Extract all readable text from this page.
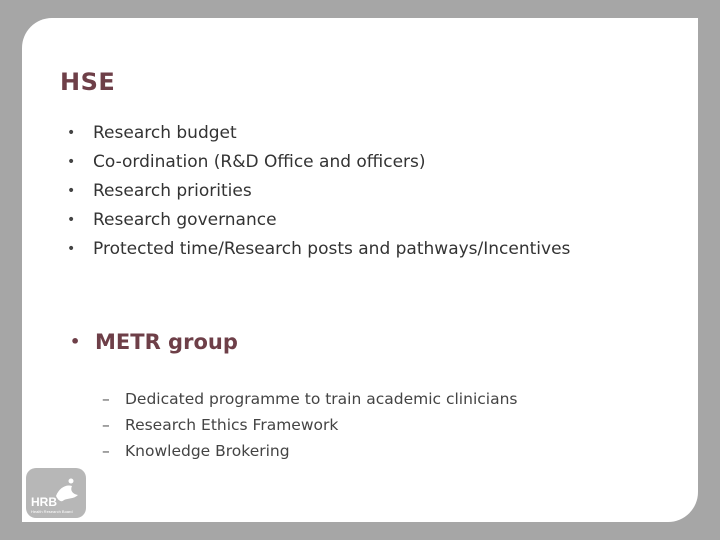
HSE
• Research budget
• Co-ordination (R&D Office and officers)
• Research priorities
• Research governance
• Protected time/Research posts and pathways/Incentives
• METR group
– Dedicated programme to train academic clinicians
– Research Ethics Framework
– Knowledge Brokering
HRB
Health Research Board
